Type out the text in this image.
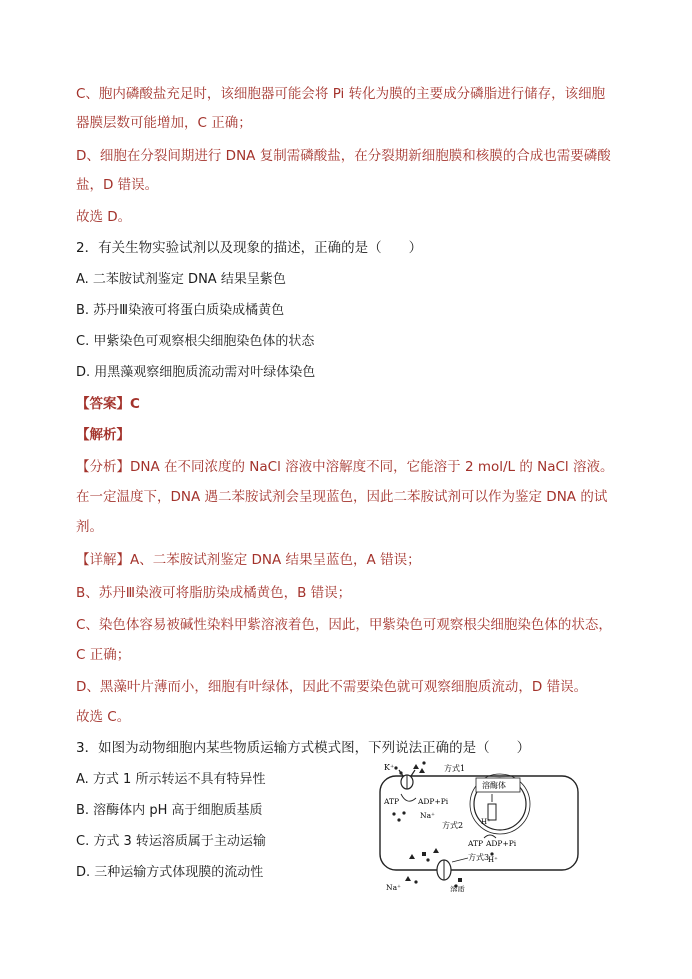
C、胞内磷酸盐充足时，该细胞器可能会将 Pi 转化为膜的主要成分磷脂进行储存，该细胞
器膜层数可能增加，C 正确；
D、细胞在分裂间期进行 DNA 复制需磷酸盐，在分裂期新细胞膜和核膜的合成也需要磷酸
盐，D 错误。
故选 D。
2．有关生物实验试剂以及现象的描述，正确的是（　　）
A. 二苯胺试剂鉴定 DNA 结果呈紫色
B. 苏丹Ⅲ染液可将蛋白质染成橘黄色
C. 甲紫染色可观察根尖细胞染色体的状态
D. 用黑藻观察细胞质流动需对叶绿体染色
【答案】C
【解析】
【分析】DNA 在不同浓度的 NaCl 溶液中溶解度不同，它能溶于 2 mol/L 的 NaCl 溶液。
在一定温度下，DNA 遇二苯胺试剂会呈现蓝色，因此二苯胺试剂可以作为鉴定 DNA 的试
剂。
【详解】A、二苯胺试剂鉴定 DNA 结果呈蓝色，A 错误；
B、苏丹Ⅲ染液可将脂肪染成橘黄色，B 错误；
C、染色体容易被碱性染料甲紫溶液着色，因此，甲紫染色可观察根尖细胞染色体的状态，
C 正确；
D、黑藻叶片薄而小，细胞有叶绿体，因此不需要染色就可观察细胞质流动，D 错误。
故选 C。
3．如图为动物细胞内某些物质运输方式模式图，下列说法正确的是（　　）
A. 方式 1 所示转运不具有特异性
B. 溶酶体内 pH 高于细胞质基质
C. 方式 3 转运溶质属于主动运输
D. 三种运输方式体现膜的流动性
K⁺	方式1
ATP	ADP+Pi
Na⁺
溶酶体
H⁺
方式2
ATP ADP+Pi
H⁺
方式3
Na⁺	溶质
